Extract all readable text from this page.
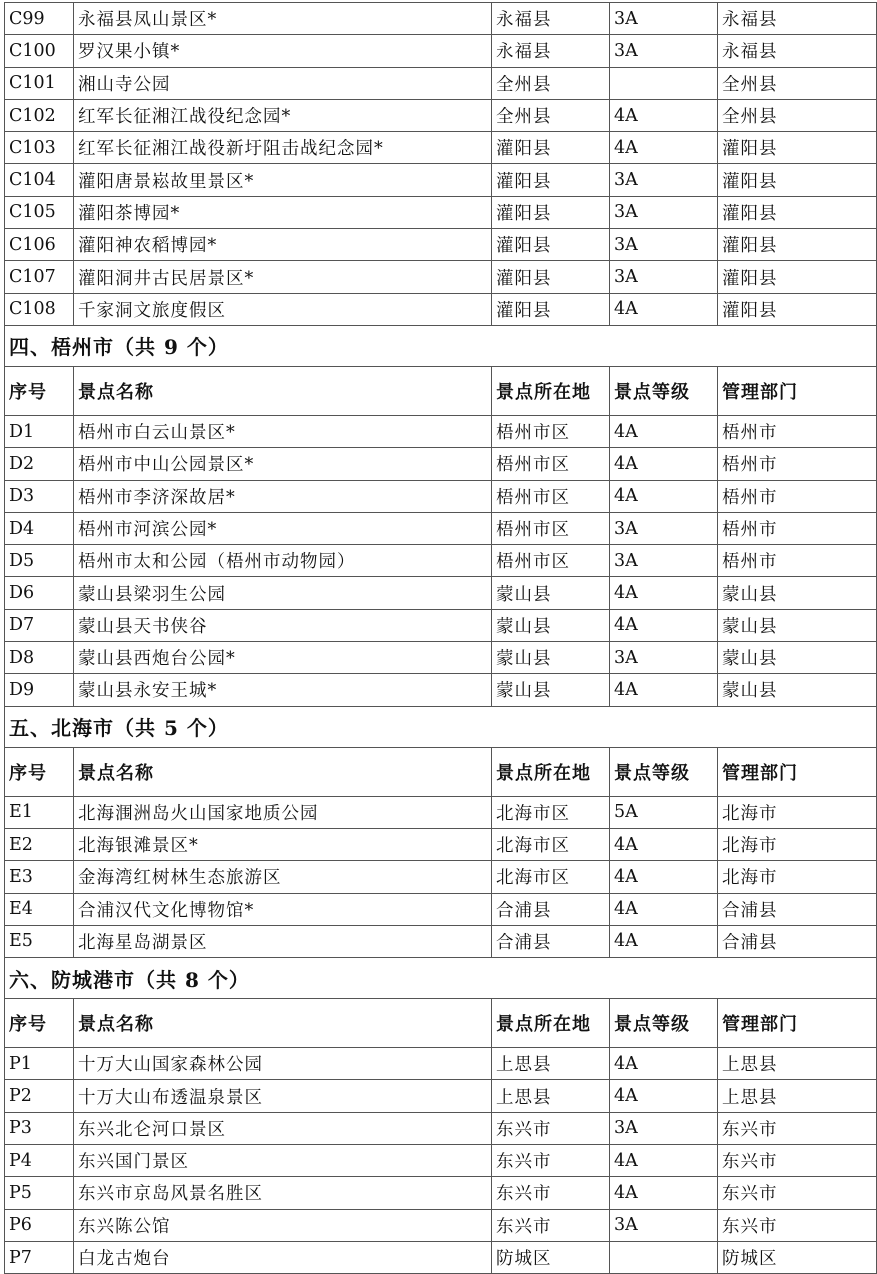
C99	永福县凤山景区*	永福县	3A	永福县
C100	罗汉果小镇*	永福县	3A	永福县
C101	湘山寺公园	全州县		全州县
C102	红军长征湘江战役纪念园*	全州县	4A	全州县
C103	红军长征湘江战役新圩阻击战纪念园*	灌阳县	4A	灌阳县
C104	灌阳唐景崧故里景区*	灌阳县	3A	灌阳县
C105	灌阳茶博园*	灌阳县	3A	灌阳县
C106	灌阳神农稻博园*	灌阳县	3A	灌阳县
C107	灌阳洞井古民居景区*	灌阳县	3A	灌阳县
C108	千家洞文旅度假区	灌阳县	4A	灌阳县
四、梧州市（共 9 个）				
序号	景点名称	景点所在地	景点等级	管理部门
D1	梧州市白云山景区*	梧州市区	4A	梧州市
D2	梧州市中山公园景区*	梧州市区	4A	梧州市
D3	梧州市李济深故居*	梧州市区	4A	梧州市
D4	梧州市河滨公园*	梧州市区	3A	梧州市
D5	梧州市太和公园（梧州市动物园）	梧州市区	3A	梧州市
D6	蒙山县梁羽生公园	蒙山县	4A	蒙山县
D7	蒙山县天书侠谷	蒙山县	4A	蒙山县
D8	蒙山县西炮台公园*	蒙山县	3A	蒙山县
D9	蒙山县永安王城*	蒙山县	4A	蒙山县
五、北海市（共 5 个）				
序号	景点名称	景点所在地	景点等级	管理部门
E1	北海涠洲岛火山国家地质公园	北海市区	5A	北海市
E2	北海银滩景区*	北海市区	4A	北海市
E3	金海湾红树林生态旅游区	北海市区	4A	北海市
E4	合浦汉代文化博物馆*	合浦县	4A	合浦县
E5	北海星岛湖景区	合浦县	4A	合浦县
六、防城港市（共 8 个）				
序号	景点名称	景点所在地	景点等级	管理部门
P1	十万大山国家森林公园	上思县	4A	上思县
P2	十万大山布透温泉景区	上思县	4A	上思县
P3	东兴北仑河口景区	东兴市	3A	东兴市
P4	东兴国门景区	东兴市	4A	东兴市
P5	东兴市京岛风景名胜区	东兴市	4A	东兴市
P6	东兴陈公馆	东兴市	3A	东兴市
P7	白龙古炮台	防城区		防城区
